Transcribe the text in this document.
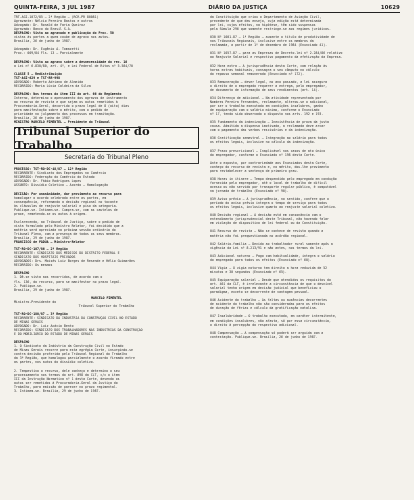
QUINTA-FEIRA, 3 JUL 1987	DIÁRIO DA JUSTIÇA	10629
TRT-AGI-1072/85 — 2ª Região — (RCR-PR 80081)
Agravante: Nélcio Pereira Bastos e outros
Advogado: Dr. Ronald de Faria Queiroz
Agravado: Banco do Brasil S.A.
DESPACHO: Vista ao agravado e publicação do Proc. 50
vistas às partes a quem coube de agravo nos autos.
Brasília, 26 de junho de 1987.

Advogado: Dr. Eugênio A. Tomazetti
Proc.: 009/84 Fls. 13 — Parcialmente

DESPACHO: Vista ao agravo sobre a desnecessidade do rec. 10
a Lei nº 6.830/80, art. 4º, e Lei Federal de Ritos nº 5.584/70

CLASSE 5 — Redistribuição
TST-AGI-629 e TST-RR-998
ADVOGADO: Roberto Adriano de Almeida
RECORRIDO: Maria Lúcia Caldeira da Silva

DESPACHO: Nos termos do item III do art. 66 do Regimento
Interno, determino o apensamento dos agravos de instrumento
ao recurso de revista e que sejam os autos remetidos à
Procuradoria-Geral, decorrido o prazo legal de 8 (oito) dias
para manifestação sobre o mérito, com o pedido de
prioridade no julgamento dos processos em tramitação.
Brasília, 26 de junho de 1987.
MINISTRO MARCELO PIMENTEL — Presidente do Tribunal
Tribunal Superior do Trabalho
Secretaria do Tribunal Pleno
PROCESSO: TST-RO-DC-48/87 — 12ª Região
RECORRENTE: Sindicato dos Empregados no Comércio
RECORRIDO: Federação do Comércio do Estado
ADVOGADO: Dr. Fábio Rodrigues Lopes
ASSUNTO: Dissídio Coletivo — Acordo — Homologação

DECISÃO: Por unanimidade, dar provimento ao recurso para
homologar o acordo celebrado entre as partes, em
consequência, reformando a decisão regional no tocante
às cláusulas de reajuste salarial e piso da categoria.
Publique-se. Intimem-se. Cumpra-se, com as cautelas de
praxe, remetendo-se os autos à origem.

Esclarecendo, ao Tribunal de Justiça, sobre o pedido de
vista formulado pelo Ministro Relator, foi decidido que a
matéria será apreciada na próxima sessão ordinária do
Tribunal Pleno, com a presença de todos os seus membros.
Brasília, 29 de junho de 1987.
FRANCISCO de PÁDUA — Ministro-Relator
TST-RO-DC-107/86 — 2ª Região
RECORRENTE: SINDICATO DOS MÉDICOS DO DISTRITO FEDERAL E
SINDICATO DOS HOSPITAIS PRIVADOS
ADVOGADOS: Drs. Moisés Luiz Borges de Resende e Hélio Guimarães
RECORRIDO: Os mesmos

DESPACHO
1. Dê-se vista aos recorridos, de acordo com o
fls. 136, do recurso, para se manifestar no prazo legal.
2. Publique-se.
Brasília, 29 de junho de 1987.

MARCELO PIMENTEL
Ministro-Presidente do
Tribunal Superior do Trabalho

TST-RO-DC-180/87 — 3ª Região
RECORRENTE: SINDICATO DA INDÚSTRIA DA CONSTRUÇÃO CIVIL NO ESTADO
DE MINAS GERAIS
ADVOGADO: Dr. Luiz Acácio Bento
RECORRIDO: SINDICATO DOS TRABALHADORES NAS INDÚSTRIAS DA CONSTRUÇÃO
E DO MOBILIÁRIO DO ESTADO DE MINAS GERAIS

DESPACHO
1. O Sindicato da Indústria da Construção Civil no Estado
de Minas Gerais recorre para esta egrégia Corte, insurgindo-se
contra decisão proferida pelo Tribunal Regional do Trabalho
da 3ª Região, que homologou parcialmente o acordo firmado entre
as partes, nos autos do dissídio coletivo.

2. Tempestivo o recurso, dele conheço e determino o seu
processamento nos termos do art. 898 da CLT, c/c o item
III da Instrução Normativa nº 1 desta Corte, devendo os
autos ser remetidos à Procuradoria-Geral da Justiça do
Trabalho, para emissão de parecer no prazo regimental.
3. Intimem-se. Brasília, 29 de junho de 1987.
da Constituição que criou o Departamento de Aviação Civil,
precedente de que deu ensejo, cuja edição está determinada
por lei, cujos efeitos, na hipótese, têm sido suspensos
pela Súmula 296 que somente restringe-se aos regimes jurídicos.

030 Nº 1001-87 — 1ª Região — ausente o título de produtividade de
nos Tribunais Regionais, inclusive entre os membros da
reclamada, a partir de 1º de dezembro de 1984 (Enunciado 41).

031 Nº 1057-87 — para as Empresas de Decreto-lei nº 2.284/86 relativo
ao Reajuste Salarial e respectivo pagamento da efetivação da Empresa.

032 Hora extra — A jurisprudência desta Corte, com relação às
horas extras habituais, consagra o seu cômputo no cálculo
do repouso semanal remunerado (Enunciado nº 172).

033 Remuneração — dever legal, no ano passado, a lei assegura
o direito de o empregado requerer a entrega, pelo empregador,
de documento de informação de seus rendimentos (art. 14).

034 Diferença de adicional — Na atividade representada por
Nombres Pereira Fernandes, reclamante, alterou-se o adicional,
por ser o trabalho executado em condições insalubres, ganho
de equiparação com o salário mínimo, conforme o Enunciado
nº 17, tendo sido observado o disposto nos arts. 192 e 193.

035 Fundamento da indenização — Inexistência de prova da justa
causa. Admitida a dispensa imotivada, a reclamada deve arcar
com o pagamento das verbas rescisórias e da indenização.

036 Gratificação semestral — Integração ao salário para todos
os efeitos legais, inclusive no cálculo da indenização.

037 Prazo prescricional — Inaplicável nos casos de ato único
do empregador, conforme o Enunciado nº 198 desta Corte.

Ante o exposto, por contrariedade aos Enunciados desta Corte,
conheço do recurso de revista e, no mérito, dou-lhe provimento
para restabelecer a sentença de primeiro grau.

038 Horas in itinere — Tempo despendido pelo empregado em condução
fornecida pelo empregador, até o local de trabalho de difícil
acesso ou não servido por transporte regular público, é computável
na jornada de trabalho (Enunciado nº 90).

039 Aviso prévio — A jurisprudência, no sentido, confere que o
período do aviso prévio integra o tempo de serviço para todos
os efeitos legais, inclusive quanto ao reajuste salarial coletivo.

040 Decisão regional — A decisão está em consonância com o
entendimento jurisprudencial deste Tribunal, não havendo falar
em violação de dispositivo de lei federal ou da Constituição.

041 Recurso de revista — Não se conhece de revista quando a
matéria não foi prequestionada no acórdão regional.

042 Salário-família — Devido ao trabalhador rural somente após a
vigência da Lei nº 8.213/91 e não antes, nos termos da lei.

043 Adicional noturno — Pago com habitualidade, integra o salário
do empregado para todos os efeitos (Enunciado nº 60).

044 Vigia — O vigia noturno tem direito a hora reduzida de 52
minutos e 30 segundos (Enunciado nº 65).

045 Equiparação salarial — Desde que atendidos os requisitos do
art. 461 da CLT, é irrelevante a circunstância de que o desnível
salarial tenha origem em decisão judicial que beneficiou o
paradigma, exceto se decorrente de vantagem pessoal.

046 Acidente do trabalho — As faltas ou ausências decorrentes
de acidente do trabalho não são consideradas para os efeitos
de duração de férias e cálculo da gratificação natalina.

047 Insalubridade — O trabalho executado, em caráter intermitente,
em condições insalubres, não afasta, só por essa circunstância,
o direito à percepção do respectivo adicional.

048 Compensação — A compensação só poderá ser arguida com a
contestação. Publique-se. Brasília, 26 de junho de 1987.
